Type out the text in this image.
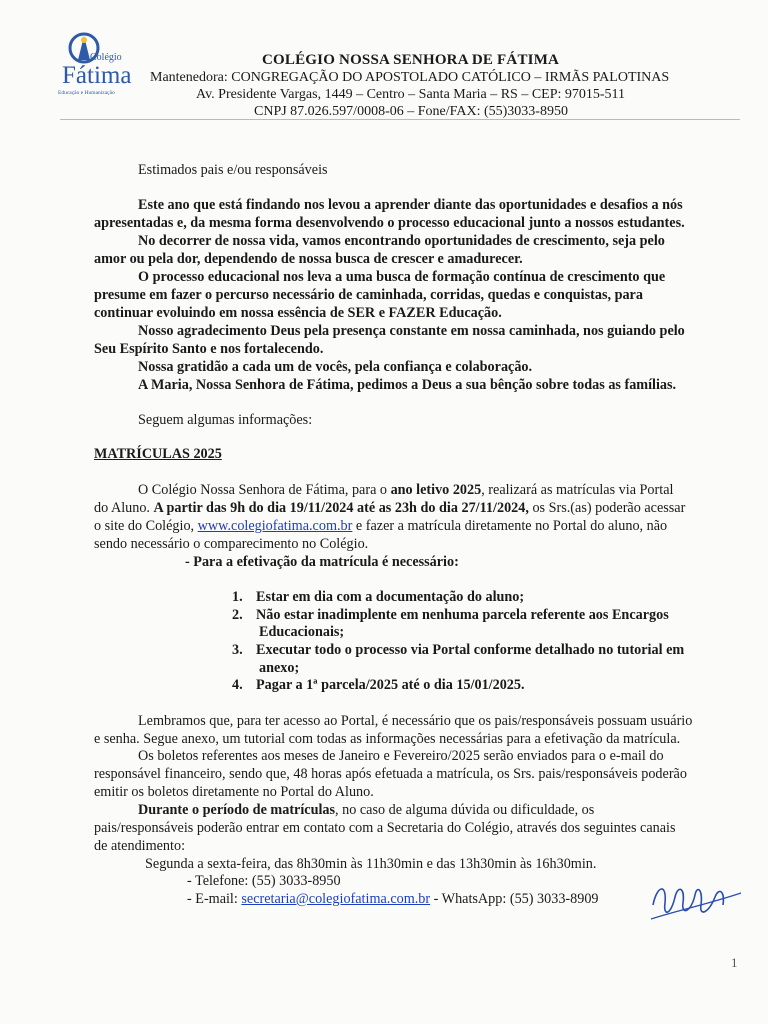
Colégio
Fátima
Educação e Humanização
COLÉGIO NOSSA SENHORA DE FÁTIMA
Mantenedora: CONGREGAÇÃO DO APOSTOLADO CATÓLICO – IRMÃS PALOTINAS
Av. Presidente Vargas, 1449 – Centro – Santa Maria – RS – CEP: 97015-511
CNPJ 87.026.597/0008-06 – Fone/FAX: (55)3033-8950
Estimados pais e/ou responsáveis
Este ano que está findando nos levou a aprender diante das oportunidades e desafios a nós
apresentadas e, da mesma forma desenvolvendo o processo educacional junto a nossos estudantes.
No decorrer de nossa vida, vamos encontrando oportunidades de crescimento, seja pelo
amor ou pela dor, dependendo de nossa busca de crescer e amadurecer.
O processo educacional nos leva a uma busca de formação contínua de crescimento que
presume em fazer o percurso necessário de caminhada, corridas, quedas e conquistas, para
continuar evoluindo em nossa essência de SER e FAZER Educação.
Nosso agradecimento Deus pela presença constante em nossa caminhada, nos guiando pelo
Seu Espírito Santo e nos fortalecendo.
Nossa gratidão a cada um de vocês, pela confiança e colaboração.
A Maria, Nossa Senhora de Fátima, pedimos a Deus a sua bênção sobre todas as famílias.
Seguem algumas informações:
MATRÍCULAS 2025
O Colégio Nossa Senhora de Fátima, para o ano letivo 2025, realizará as matrículas via Portal
do Aluno. A partir das 9h do dia 19/11/2024 até as 23h do dia 27/11/2024, os Srs.(as) poderão acessar
o site do Colégio, www.colegiofatima.com.br e fazer a matrícula diretamente no Portal do aluno, não
sendo necessário o comparecimento no Colégio.
- Para a efetivação da matrícula é necessário:
1. Estar em dia com a documentação do aluno;
2. Não estar inadimplente em nenhuma parcela referente aos Encargos
Educacionais;
3. Executar todo o processo via Portal conforme detalhado no tutorial em
anexo;
4. Pagar a 1ª parcela/2025 até o dia 15/01/2025.
Lembramos que, para ter acesso ao Portal, é necessário que os pais/responsáveis possuam usuário
e senha. Segue anexo, um tutorial com todas as informações necessárias para a efetivação da matrícula.
Os boletos referentes aos meses de Janeiro e Fevereiro/2025 serão enviados para o e-mail do
responsável financeiro, sendo que, 48 horas após efetuada a matrícula, os Srs. pais/responsáveis poderão
emitir os boletos diretamente no Portal do Aluno.
Durante o período de matrículas, no caso de alguma dúvida ou dificuldade, os
pais/responsáveis poderão entrar em contato com a Secretaria do Colégio, através dos seguintes canais
de atendimento:
Segunda a sexta-feira, das 8h30min às 11h30min e das 13h30min às 16h30min.
- Telefone: (55) 3033-8950
- E-mail: secretaria@colegiofatima.com.br - WhatsApp: (55) 3033-8909
1
